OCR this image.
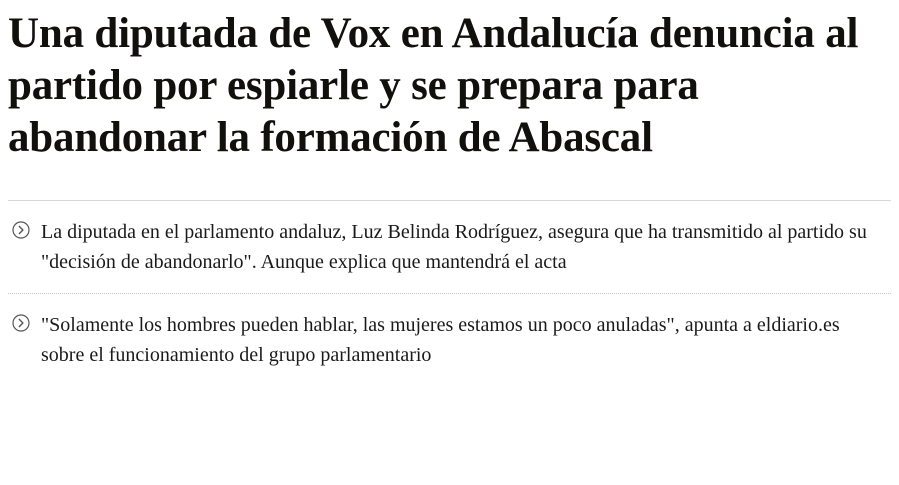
Una diputada de Vox en Andalucía denuncia al partido por espiarle y se prepara para abandonar la formación de Abascal
La diputada en el parlamento andaluz, Luz Belinda Rodríguez, asegura que ha transmitido al partido su "decisión de abandonarlo". Aunque explica que mantendrá el acta
"Solamente los hombres pueden hablar, las mujeres estamos un poco anuladas", apunta a eldiario.es sobre el funcionamiento del grupo parlamentario
